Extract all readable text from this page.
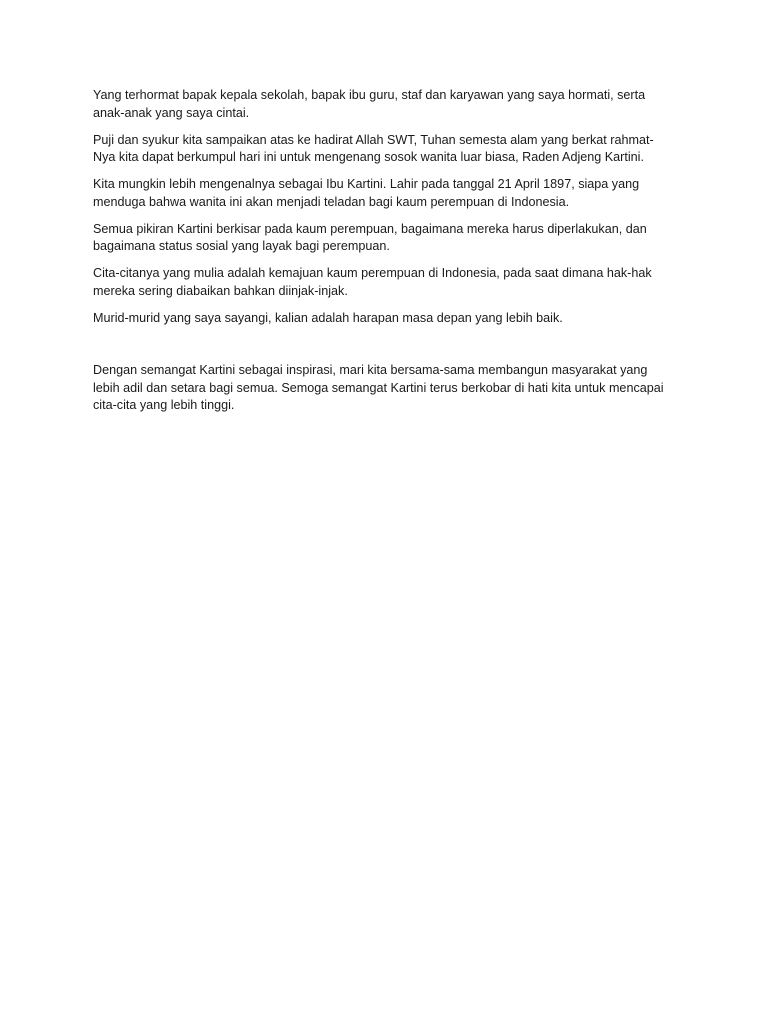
Yang terhormat bapak kepala sekolah, bapak ibu guru, staf dan karyawan yang saya hormati, serta anak-anak yang saya cintai.

Puji dan syukur kita sampaikan atas ke hadirat Allah SWT, Tuhan semesta alam yang berkat rahmat-Nya kita dapat berkumpul hari ini untuk mengenang sosok wanita luar biasa, Raden Adjeng Kartini.

Kita mungkin lebih mengenalnya sebagai Ibu Kartini. Lahir pada tanggal 21 April 1897, siapa yang menduga bahwa wanita ini akan menjadi teladan bagi kaum perempuan di Indonesia.

Semua pikiran Kartini berkisar pada kaum perempuan, bagaimana mereka harus diperlakukan, dan bagaimana status sosial yang layak bagi perempuan.

Cita-citanya yang mulia adalah kemajuan kaum perempuan di Indonesia, pada saat dimana hak-hak mereka sering diabaikan bahkan diinjak-injak.

Murid-murid yang saya sayangi, kalian adalah harapan masa depan yang lebih baik.

Dengan semangat Kartini sebagai inspirasi, mari kita bersama-sama membangun masyarakat yang lebih adil dan setara bagi semua. Semoga semangat Kartini terus berkobar di hati kita untuk mencapai cita-cita yang lebih tinggi.
